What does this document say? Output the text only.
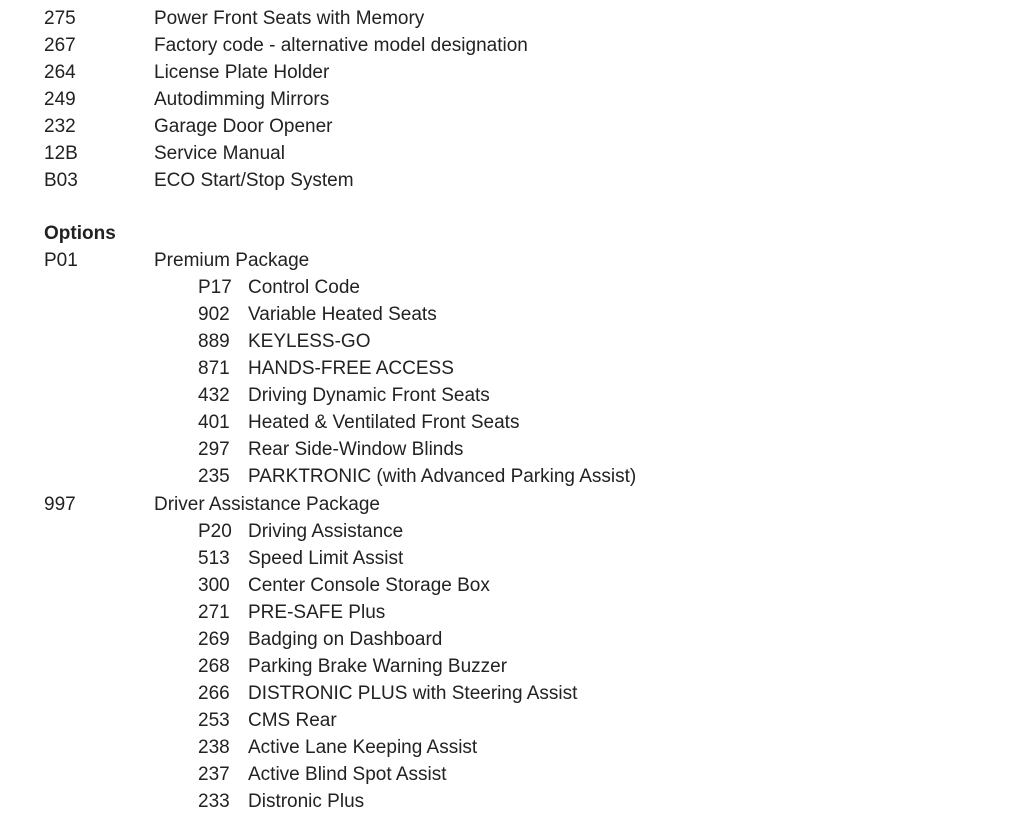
275	Power Front Seats with Memory
267	Factory code - alternative model designation
264	License Plate Holder
249	Autodimming Mirrors
232	Garage Door Opener
12B	Service Manual
B03	ECO Start/Stop System
Options
P01	Premium Package
P17 Control Code
902 Variable Heated Seats
889 KEYLESS-GO
871 HANDS-FREE ACCESS
432 Driving Dynamic Front Seats
401 Heated & Ventilated Front Seats
297 Rear Side-Window Blinds
235 PARKTRONIC (with Advanced Parking Assist)
997	Driver Assistance Package
P20 Driving Assistance
513 Speed Limit Assist
300 Center Console Storage Box
271 PRE-SAFE Plus
269 Badging on Dashboard
268 Parking Brake Warning Buzzer
266 DISTRONIC PLUS with Steering Assist
253 CMS Rear
238 Active Lane Keeping Assist
237 Active Blind Spot Assist
233 Distronic Plus
